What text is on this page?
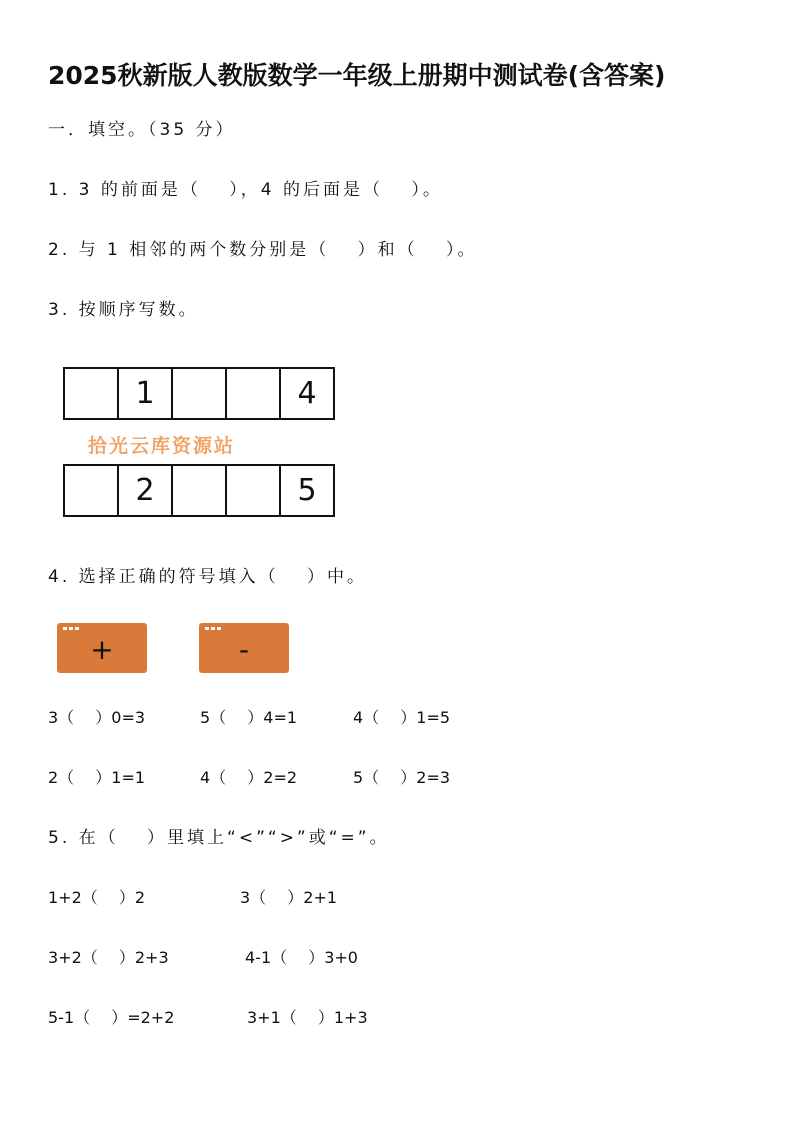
2025秋新版人教版数学一年级上册期中测试卷(含答案)
一．填空。（35 分）
1. 3 的前面是（　 ），4 的后面是（　 ）。
2. 与 1 相邻的两个数分别是（　 ）和（　 ）。
3. 按顺序写数。
1	4
拾光云库资源站
2	5
4. 选择正确的符号填入（　 ）中。
+	-
3（　 ）0=3	5（　 ）4=1	4（　 ）1=5
2（　 ）1=1	4（　 ）2=2	5（　 ）2=3
5. 在（　 ）里填上“<”“>”或“=”。
1+2（　 ）2	3（　 ）2+1
3+2（　 ）2+3	4-1（　 ）3+0
5-1（　 ）=2+2	3+1（　 ）1+3
